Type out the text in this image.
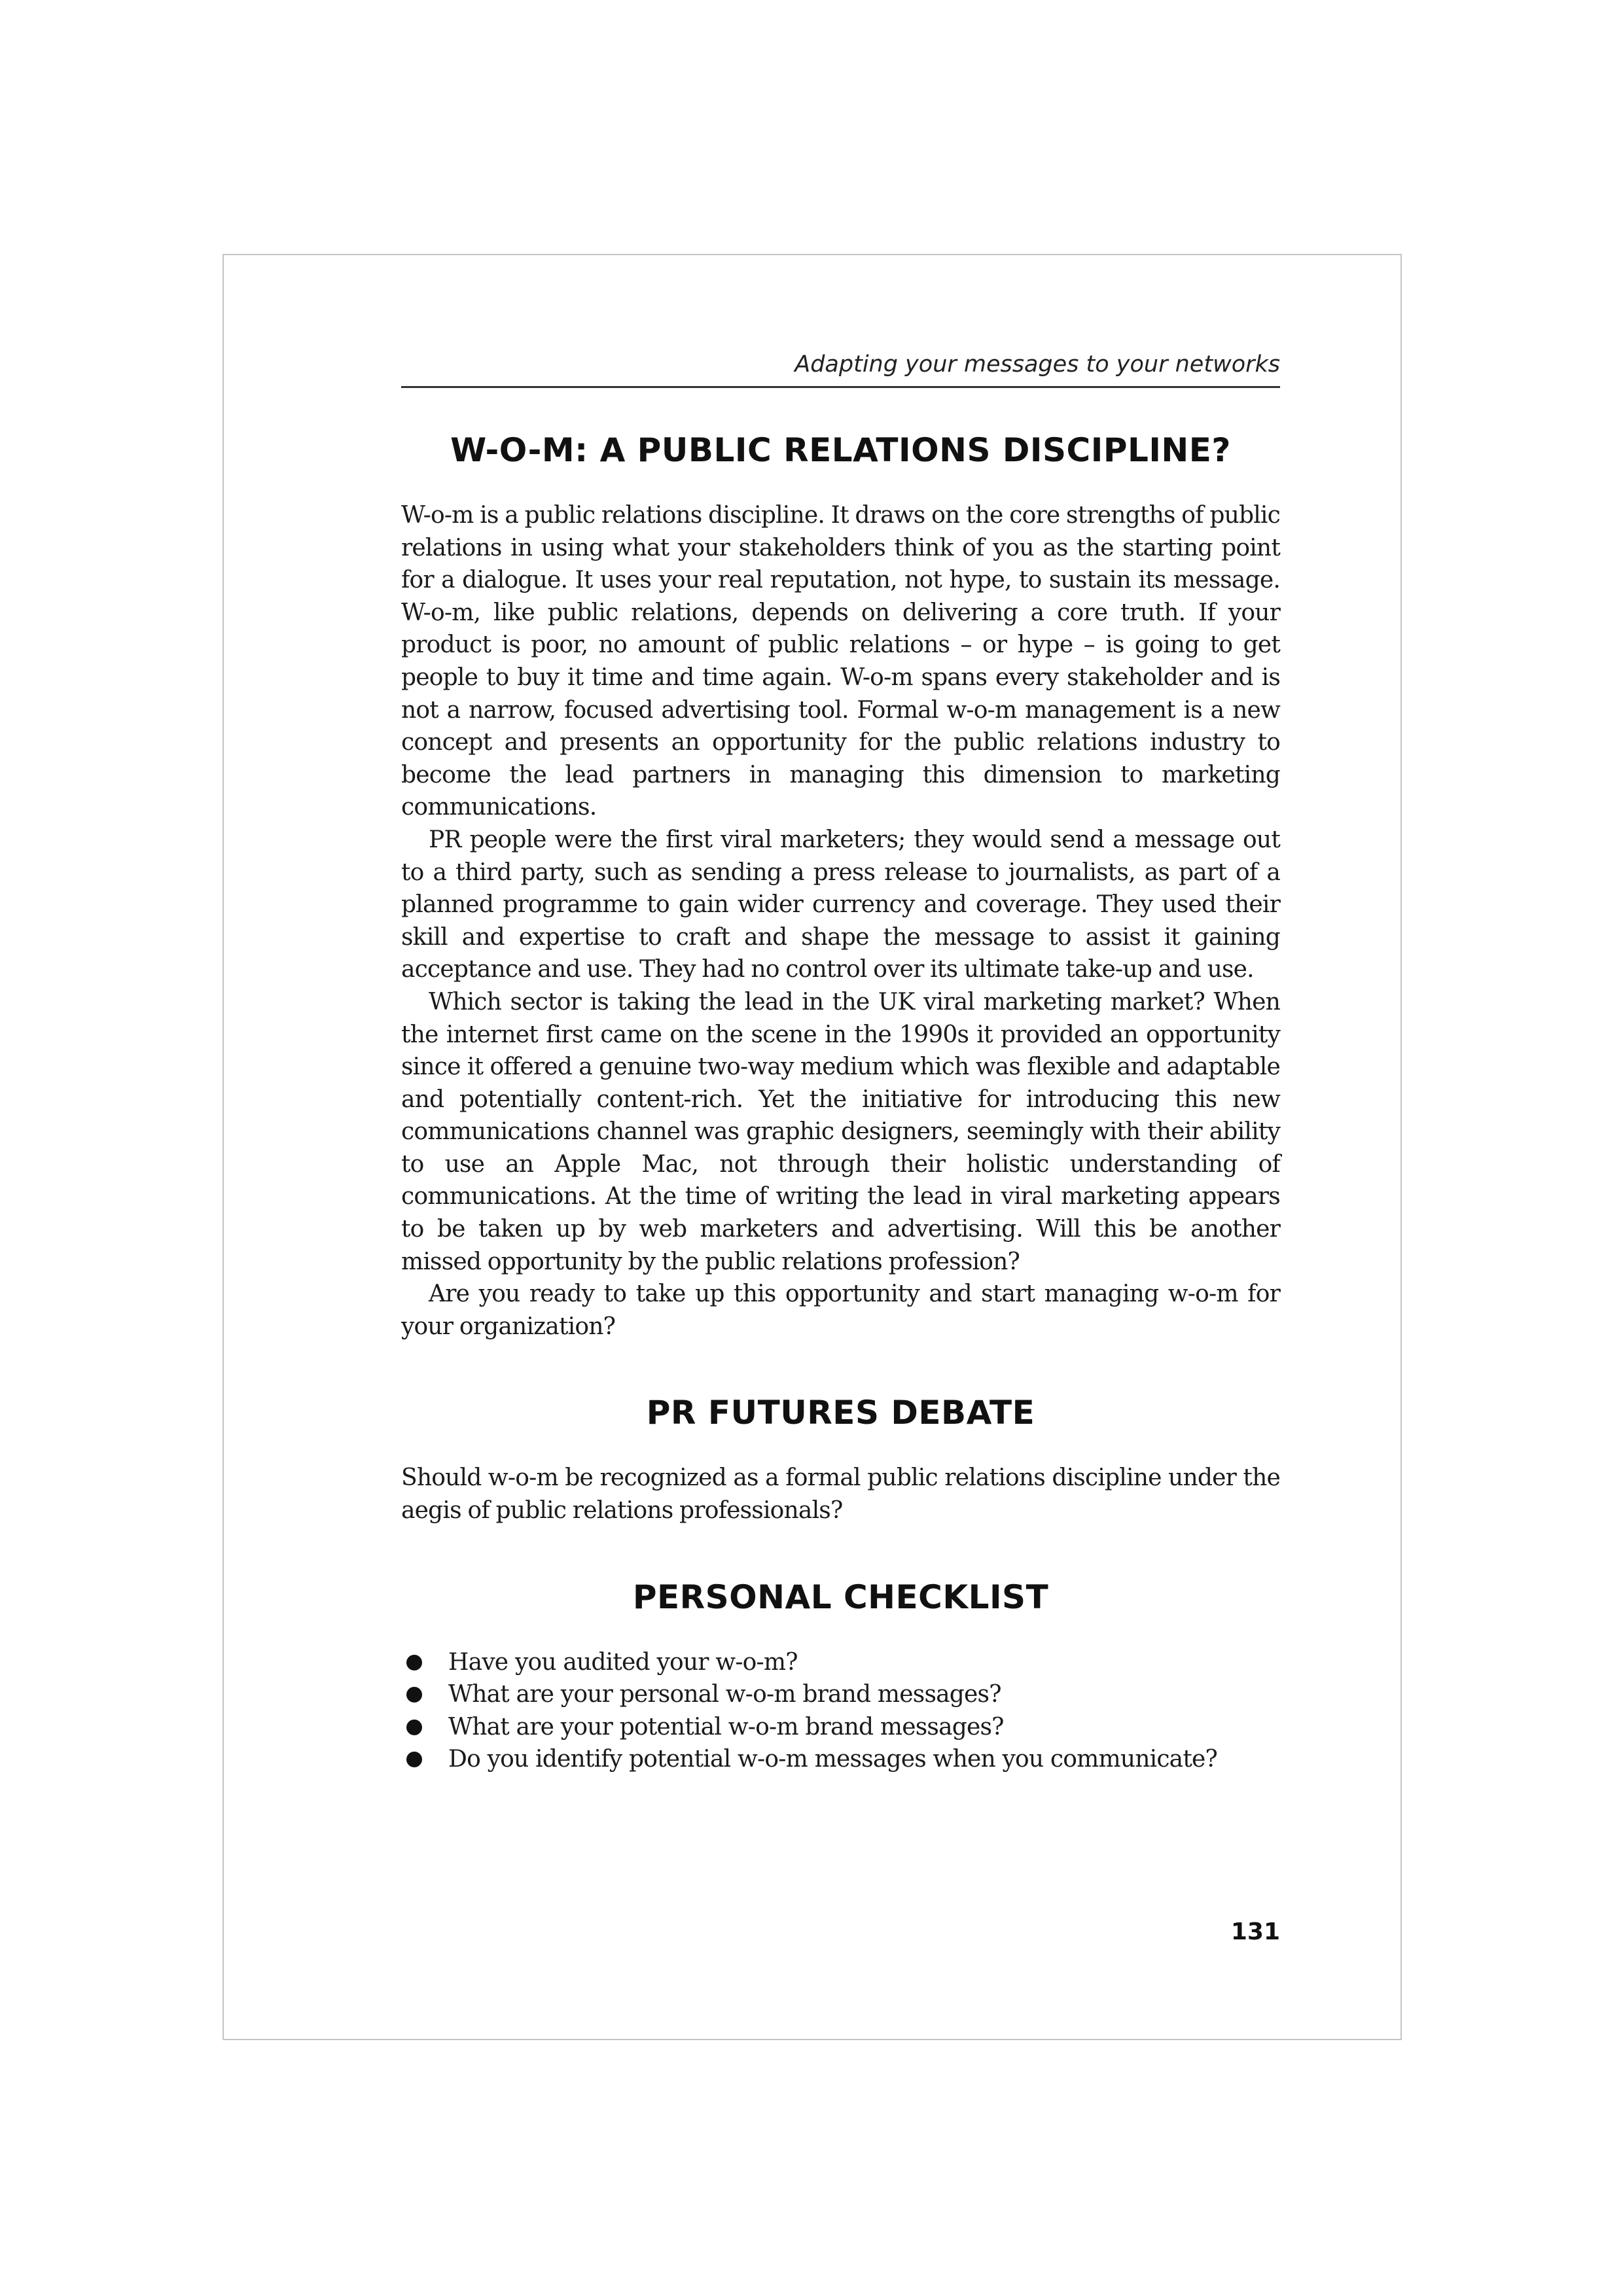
Adapting your messages to your networks
W-O-M: A PUBLIC RELATIONS DISCIPLINE?

W-o-m is a public relations discipline. It draws on the core strengths of public relations in using what your stakeholders think of you as the starting point for a dialogue. It uses your real reputation, not hype, to sustain its message. W-o-m, like public relations, depends on delivering a core truth. If your product is poor, no amount of public relations – or hype – is going to get people to buy it time and time again. W-o-m spans every stakeholder and is not a narrow, focused advertising tool. Formal w-o-m management is a new concept and presents an opportunity for the public relations industry to become the lead partners in managing this dimension to marketing communications.

PR people were the first viral marketers; they would send a message out to a third party, such as sending a press release to journalists, as part of a planned programme to gain wider currency and coverage. They used their skill and expertise to craft and shape the message to assist it gaining acceptance and use. They had no control over its ultimate take-up and use.

Which sector is taking the lead in the UK viral marketing market? When the internet first came on the scene in the 1990s it provided an opportunity since it offered a genuine two-way medium which was flexible and adaptable and potentially content-rich. Yet the initiative for introducing this new communications channel was graphic designers, seemingly with their ability to use an Apple Mac, not through their holistic understanding of communications. At the time of writing the lead in viral marketing appears to be taken up by web marketers and advertising. Will this be another missed opportunity by the public relations profession?

Are you ready to take up this opportunity and start managing w-o-m for your organization?

PR FUTURES DEBATE

Should w-o-m be recognized as a formal public relations discipline under the aegis of public relations professionals?

PERSONAL CHECKLIST
Have you audited your w-o-m?
What are your personal w-o-m brand messages?
What are your potential w-o-m brand messages?
Do you identify potential w-o-m messages when you communicate?
131
